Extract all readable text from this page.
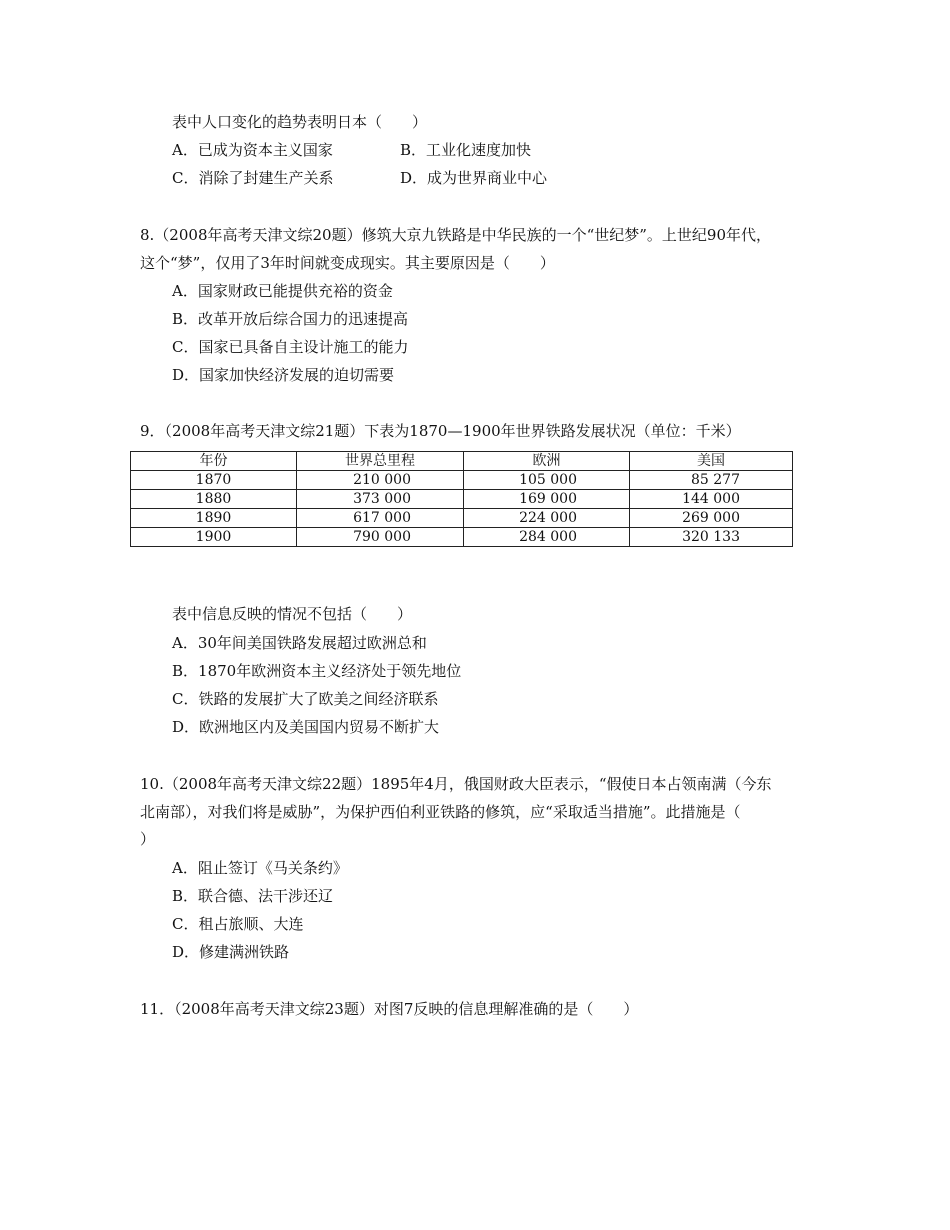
表中人口变化的趋势表明日本（　　）
A．已成为资本主义国家	B．工业化速度加快
C．消除了封建生产关系	D．成为世界商业中心
8.（2008年高考天津文综20题）修筑大京九铁路是中华民族的一个“世纪梦”。上世纪90年代，
这个“梦”，仅用了3年时间就变成现实。其主要原因是（　　）
A．国家财政已能提供充裕的资金
B．改革开放后综合国力的迅速提高
C．国家已具备自主设计施工的能力
D．国家加快经济发展的迫切需要
9．（2008年高考天津文综21题）下表为1870—1900年世界铁路发展状况（单位：千米）
年份	世界总里程	欧洲	美国
1870	210 000	105 000	85 277
1880	373 000	169 000	144 000
1890	617 000	224 000	269 000
1900	790 000	284 000	320 133
表中信息反映的情况不包括（　　）
A．30年间美国铁路发展超过欧洲总和
B．1870年欧洲资本主义经济处于领先地位
C．铁路的发展扩大了欧美之间经济联系
D．欧洲地区内及美国国内贸易不断扩大
10.（2008年高考天津文综22题）1895年4月，俄国财政大臣表示，“假使日本占领南满（今东
北南部），对我们将是威胁”，为保护西伯利亚铁路的修筑，应“采取适当措施”。此措施是（
）
A．阻止签订《马关条约》
B．联合德、法干涉还辽
C．租占旅顺、大连
D．修建满洲铁路
11．（2008年高考天津文综23题）对图7反映的信息理解准确的是（　　）
